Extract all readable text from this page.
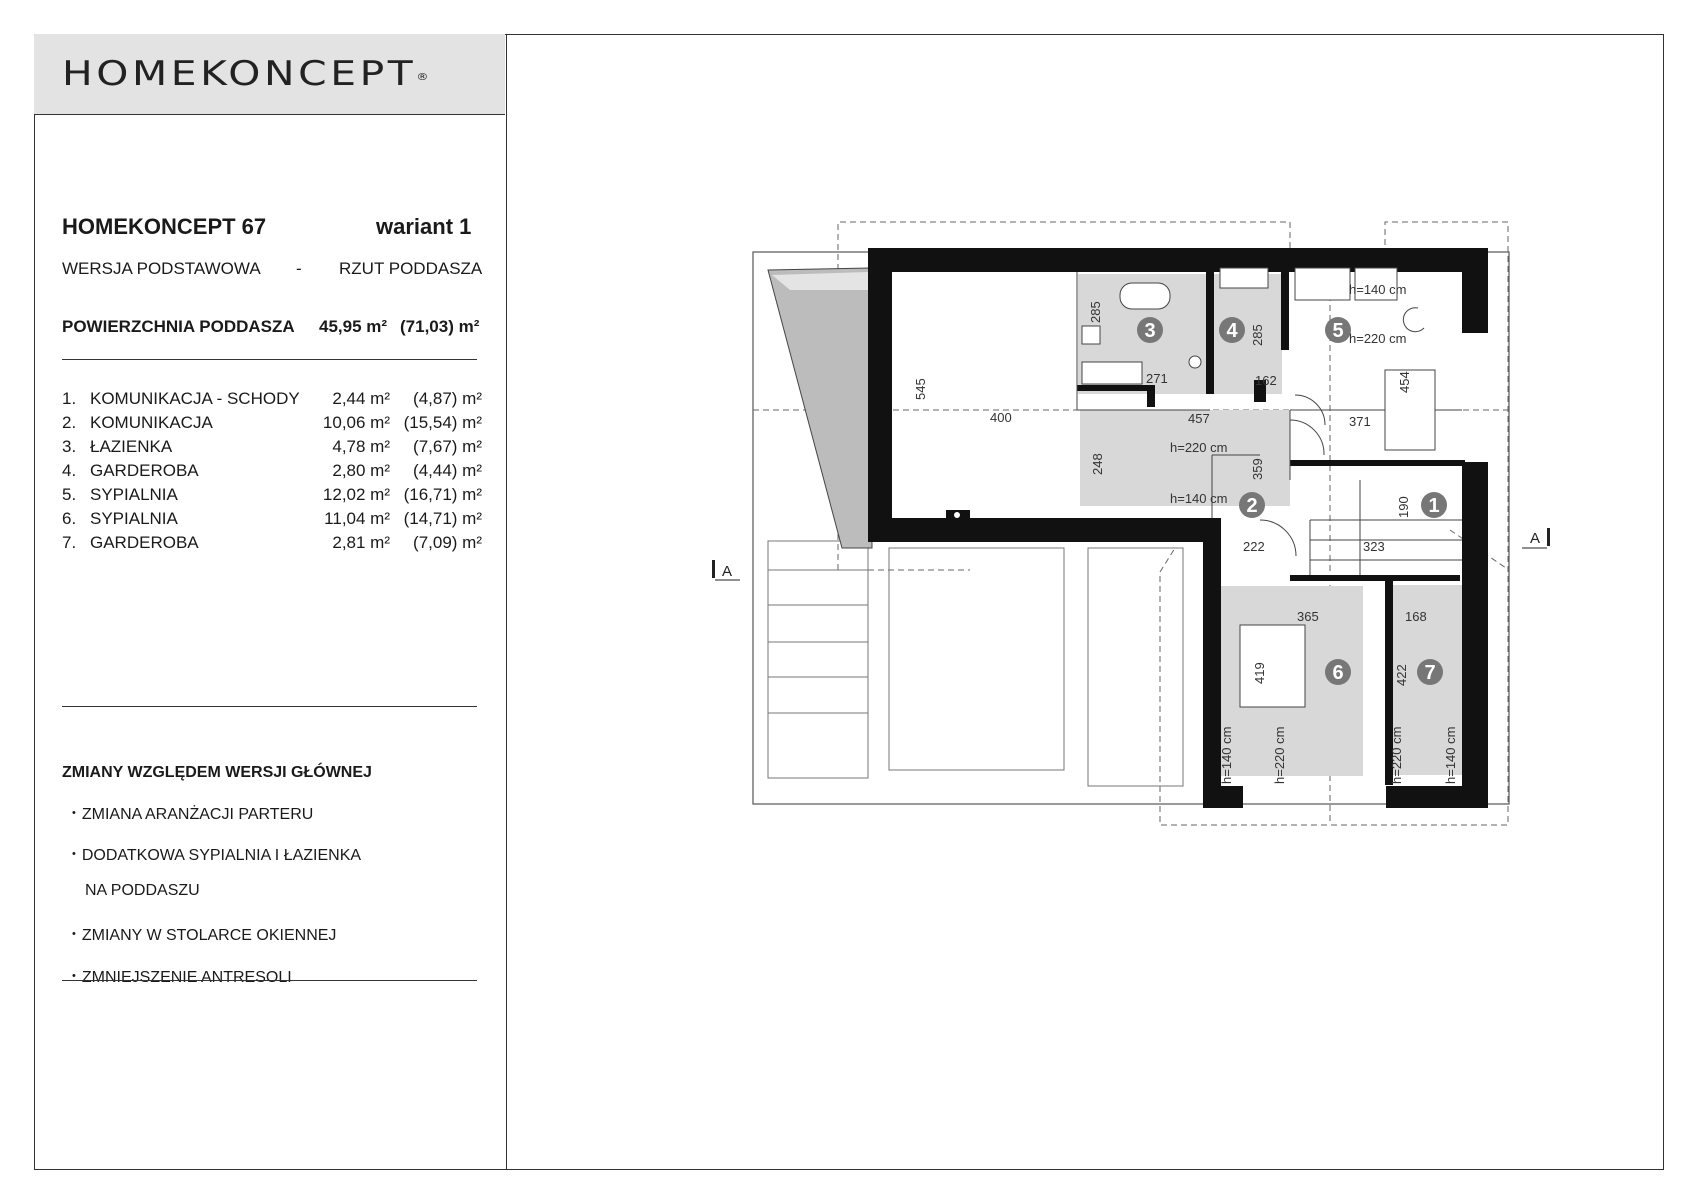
HOMEKONCEPT®
HOMEKONCEPT 67	wariant 1
WERSJA PODSTAWOWA - RZUT PODDASZA
POWIERZCHNIA PODDASZA 45,95 m² (71,03) m²
1. KOMUNIKACJA - SCHODY 2,44 m² (4,87) m²
2. KOMUNIKACJA	10,06 m² (15,54) m²
3. ŁAZIENKA	4,78 m² (7,67) m²
4. GARDEROBA	2,80 m² (4,44) m²
5. SYPIALNIA	12,02 m² (16,71) m²
6. SYPIALNIA	11,04 m² (14,71) m²
7. GARDEROBA	2,81 m² (7,09) m²
ZMIANY WZGLĘDEM WERSJI GŁÓWNEJ
• ZMIANA ARANŻACJI PARTERU
• DODATKOWA SYPIALNIA I ŁAZIENKA
NA PODDASZU
• ZMIANY W STOLARCE OKIENNEJ
• ZMNIEJSZENIE ANTRESOLI
1
2
3	4	5
6	7
545
400
285
271
285
162
457
248	359
222	323
190
371
454
365	168
419	422
h=140 cm
h=220 cm
h=220 cm
h=140 cm
h=140 cm	h=220 cm	h=220 cm	h=140 cm
A
A
